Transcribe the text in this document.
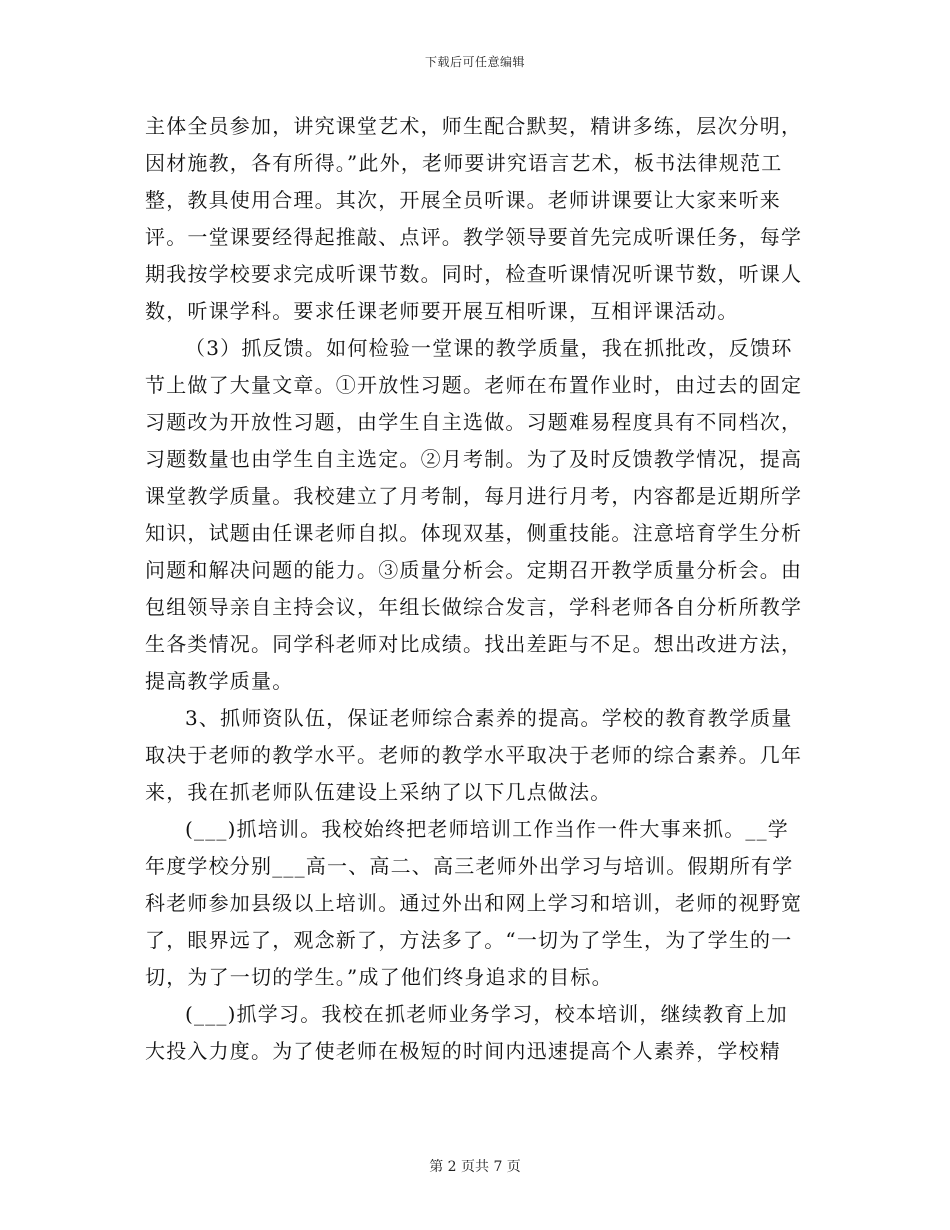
下载后可任意编辑

主体全员参加，讲究课堂艺术，师生配合默契，精讲多练，层次分明，因材施教，各有所得。”此外，老师要讲究语言艺术，板书法律规范工整，教具使用合理。其次，开展全员听课。老师讲课要让大家来听来评。一堂课要经得起推敲、点评。教学领导要首先完成听课任务，每学期我按学校要求完成听课节数。同时，检查听课情况听课节数，听课人数，听课学科。要求任课老师要开展互相听课，互相评课活动。

（3）抓反馈。如何检验一堂课的教学质量，我在抓批改，反馈环节上做了大量文章。①开放性习题。老师在布置作业时，由过去的固定习题改为开放性习题，由学生自主选做。习题难易程度具有不同档次，习题数量也由学生自主选定。②月考制。为了及时反馈教学情况，提高课堂教学质量。我校建立了月考制，每月进行月考，内容都是近期所学知识，试题由任课老师自拟。体现双基，侧重技能。注意培育学生分析问题和解决问题的能力。③质量分析会。定期召开教学质量分析会。由包组领导亲自主持会议，年组长做综合发言，学科老师各自分析所教学生各类情况。同学科老师对比成绩。找出差距与不足。想出改进方法，提高教学质量。

3、抓师资队伍，保证老师综合素养的提高。学校的教育教学质量取决于老师的教学水平。老师的教学水平取决于老师的综合素养。几年来，我在抓老师队伍建设上采纳了以下几点做法。

(___)抓培训。我校始终把老师培训工作当作一件大事来抓。__学年度学校分别___高一、高二、高三老师外出学习与培训。假期所有学科老师参加县级以上培训。通过外出和网上学习和培训，老师的视野宽了，眼界远了，观念新了，方法多了。“一切为了学生，为了学生的一切，为了一切的学生。”成了他们终身追求的目标。

(___)抓学习。我校在抓老师业务学习，校本培训，继续教育上加大投入力度。为了使老师在极短的时间内迅速提高个人素养，学校精

第 2 页共 7 页
